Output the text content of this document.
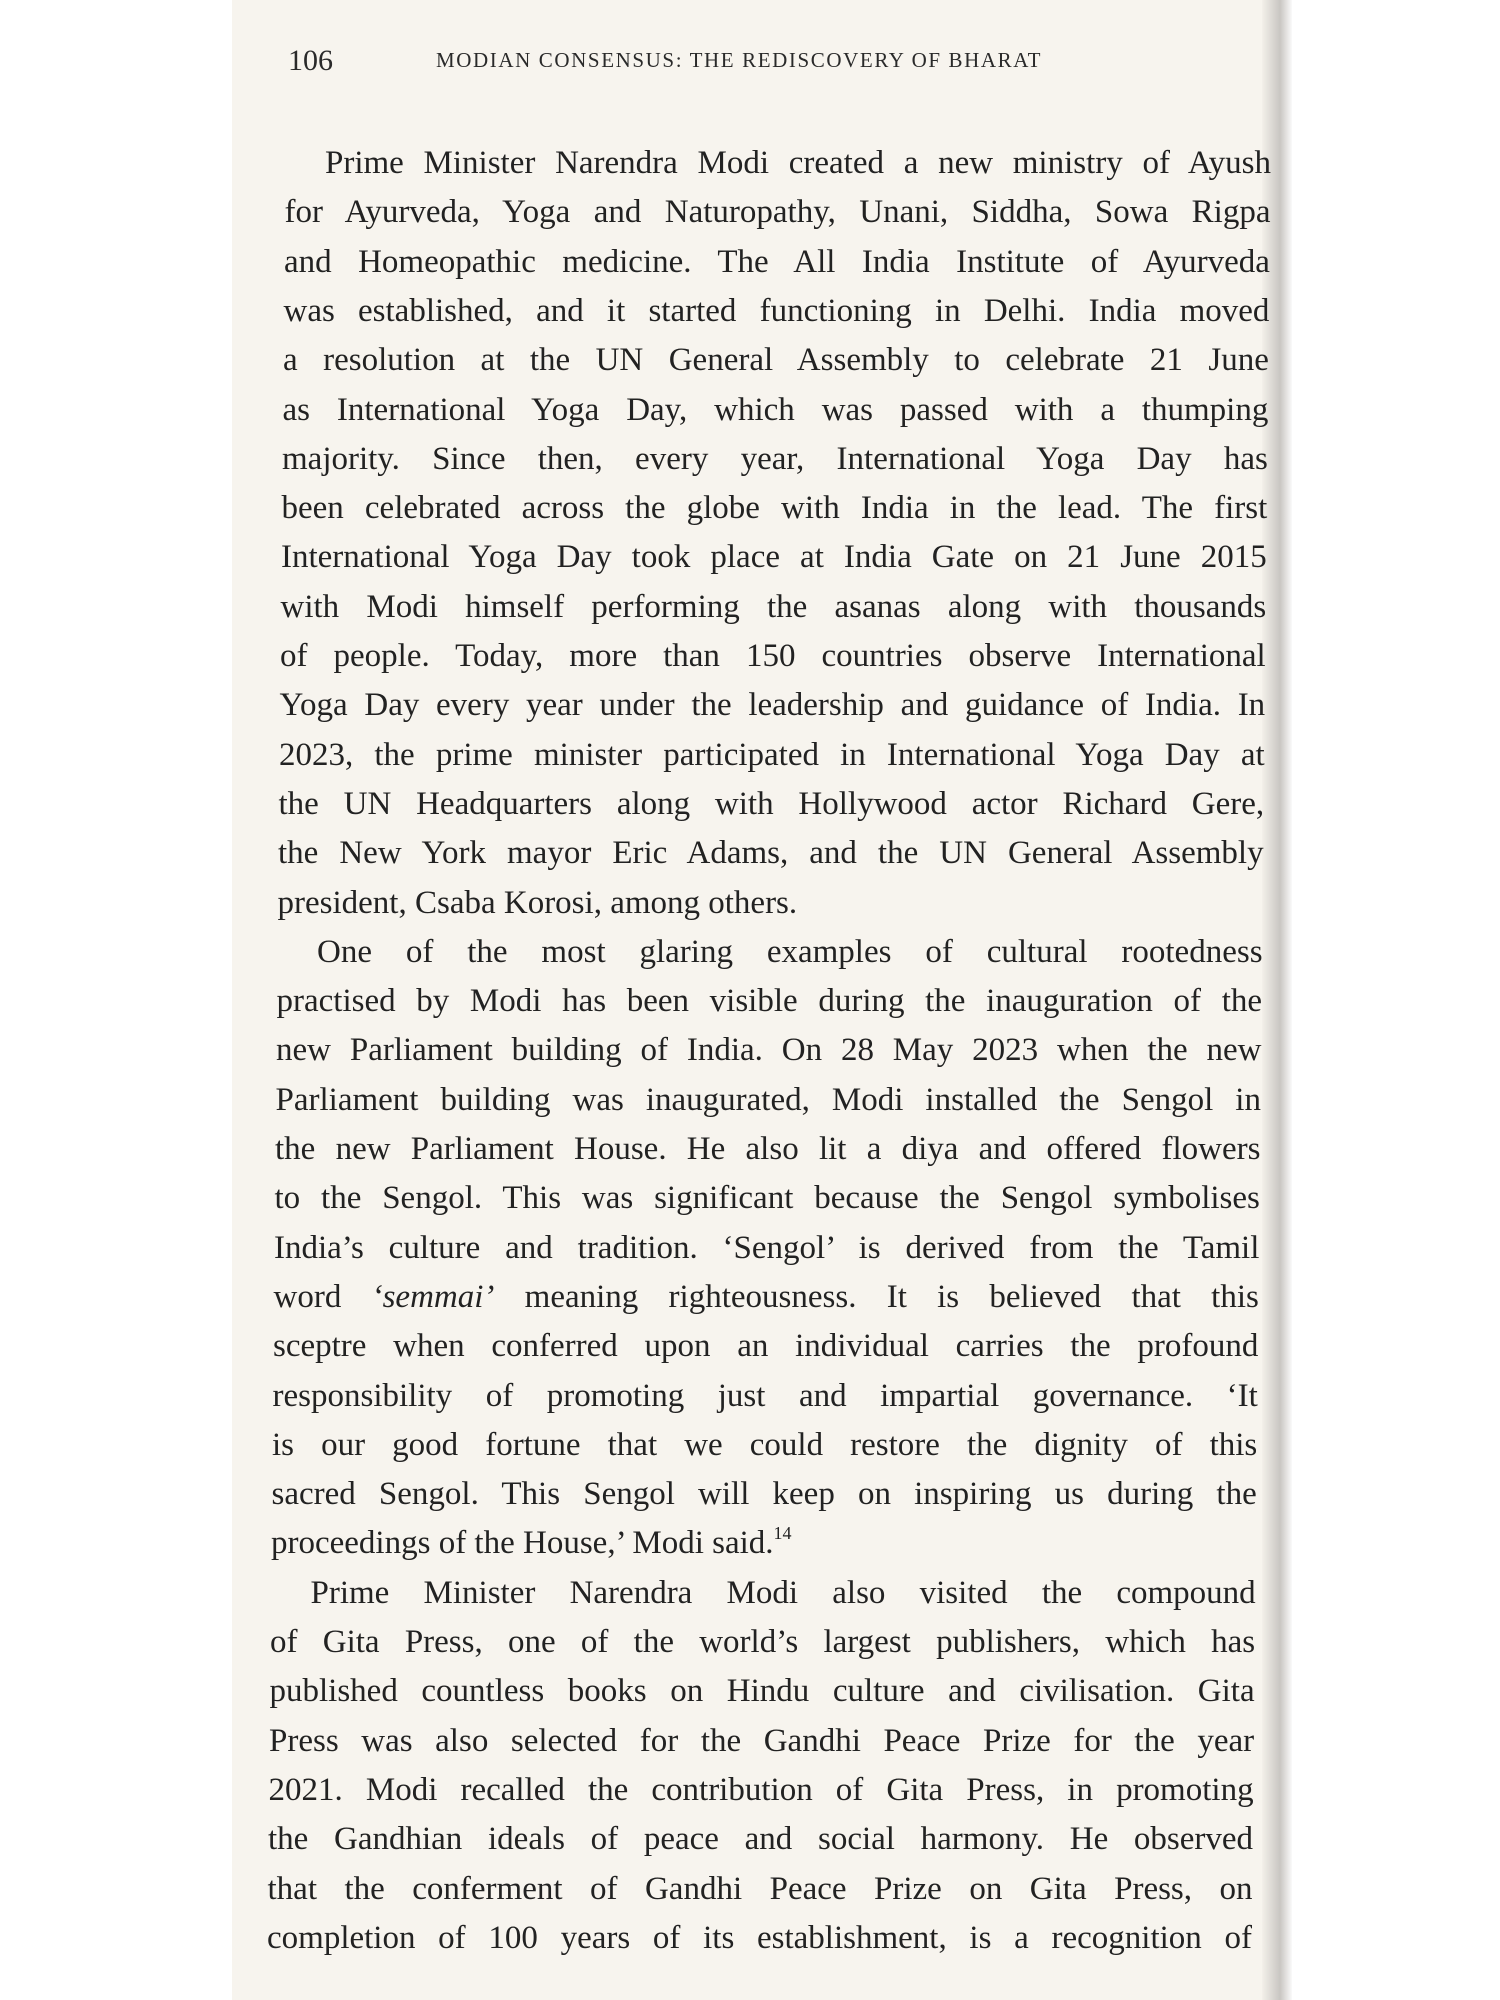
106	MODIAN CONSENSUS: THE REDISCOVERY OF BHARAT
Prime Minister Narendra Modi created a new ministry of Ayush
for Ayurveda, Yoga and Naturopathy, Unani, Siddha, Sowa Rigpa
and Homeopathic medicine. The All India Institute of Ayurveda
was established, and it started functioning in Delhi. India moved
a resolution at the UN General Assembly to celebrate 21 June
as International Yoga Day, which was passed with a thumping
majority. Since then, every year, International Yoga Day has
been celebrated across the globe with India in the lead. The first
International Yoga Day took place at India Gate on 21 June 2015
with Modi himself performing the asanas along with thousands
of people. Today, more than 150 countries observe International
Yoga Day every year under the leadership and guidance of India. In
2023, the prime minister participated in International Yoga Day at
the UN Headquarters along with Hollywood actor Richard Gere,
the New York mayor Eric Adams, and the UN General Assembly
president, Csaba Korosi, among others.
One of the most glaring examples of cultural rootedness
practised by Modi has been visible during the inauguration of the
new Parliament building of India. On 28 May 2023 when the new
Parliament building was inaugurated, Modi installed the Sengol in
the new Parliament House. He also lit a diya and offered flowers
to the Sengol. This was significant because the Sengol symbolises
India’s culture and tradition. ‘Sengol’ is derived from the Tamil
word ‘semmai’ meaning righteousness. It is believed that this
sceptre when conferred upon an individual carries the profound
responsibility of promoting just and impartial governance. ‘It
is our good fortune that we could restore the dignity of this
sacred Sengol. This Sengol will keep on inspiring us during the
proceedings of the House,’ Modi said.$^{14}$
Prime Minister Narendra Modi also visited the compound
of Gita Press, one of the world’s largest publishers, which has
published countless books on Hindu culture and civilisation. Gita
Press was also selected for the Gandhi Peace Prize for the year
2021. Modi recalled the contribution of Gita Press, in promoting
the Gandhian ideals of peace and social harmony. He observed
that the conferment of Gandhi Peace Prize on Gita Press, on
completion of 100 years of its establishment, is a recognition of
